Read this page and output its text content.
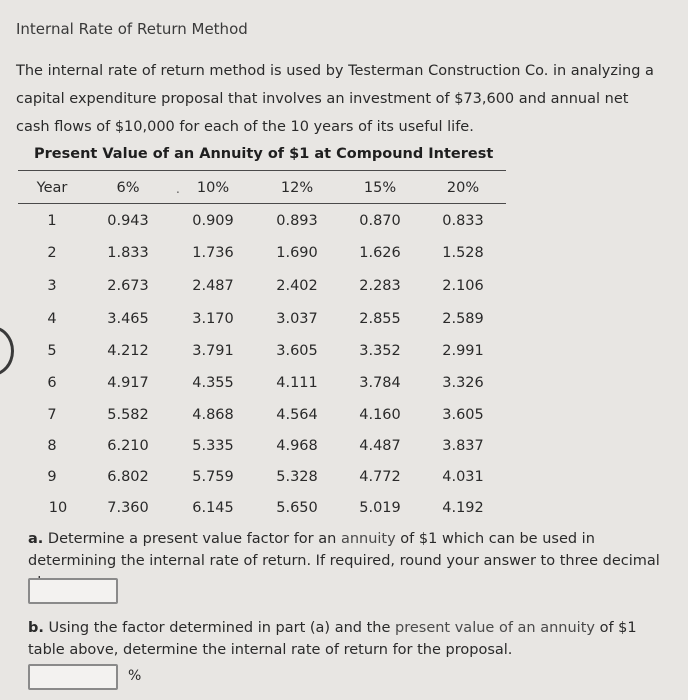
Internal Rate of Return Method
The internal rate of return method is used by Testerman Construction Co. in analyzing a capital expenditure proposal that involves an investment of $73,600 and annual net cash flows of $10,000 for each of the 10 years of its useful life.
Present Value of an Annuity of $1 at Compound Interest
.
Year	6%	10%	12%	15%	20%
1	0.943	0.909	0.893	0.870	0.833
2	1.833	1.736	1.690	1.626	1.528
3	2.673	2.487	2.402	2.283	2.106
4	3.465	3.170	3.037	2.855	2.589
5	4.212	3.791	3.605	3.352	2.991
6	4.917	4.355	4.111	3.784	3.326
7	5.582	4.868	4.564	4.160	3.605
8	6.210	5.335	4.968	4.487	3.837
9	6.802	5.759	5.328	4.772	4.031
10	7.360	6.145	5.650	5.019	4.192
a. Determine a present value factor for an annuity of $1 which can be used in determining the internal rate of return. If required, round your answer to three decimal
b. Using the factor determined in part (a) and the present value of an annuity of $1 table above, determine the internal rate of return for the proposal.
%
